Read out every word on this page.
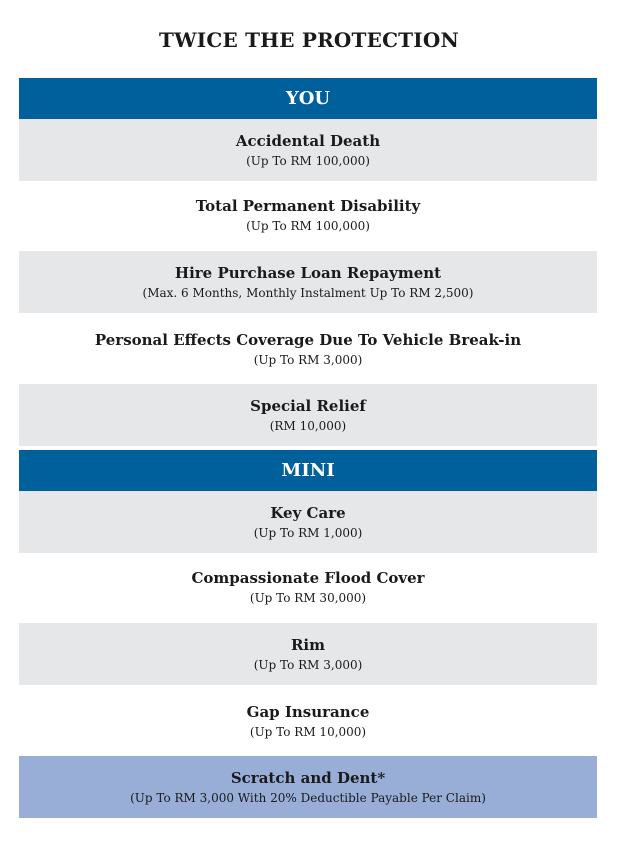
TWICE THE PROTECTION
YOU
Accidental Death
(Up To RM 100,000)
Total Permanent Disability
(Up To RM 100,000)
Hire Purchase Loan Repayment
(Max. 6 Months, Monthly Instalment Up To RM 2,500)
Personal Effects Coverage Due To Vehicle Break-in
(Up To RM 3,000)
Special Relief
(RM 10,000)
MINI
Key Care
(Up To RM 1,000)
Compassionate Flood Cover
(Up To RM 30,000)
Rim
(Up To RM 3,000)
Gap Insurance
(Up To RM 10,000)
Scratch and Dent*
(Up To RM 3,000 With 20% Deductible Payable Per Claim)
